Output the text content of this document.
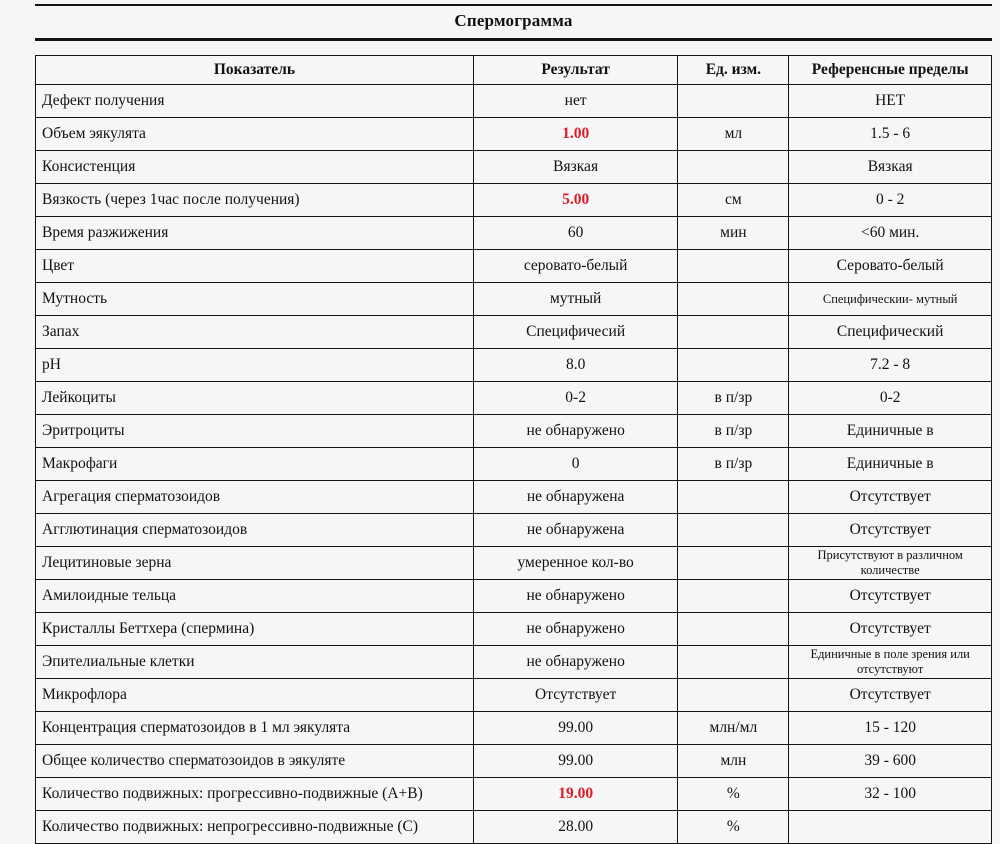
Спермограмма
Показатель	Результат	Ед. изм.	Референсные пределы
Дефект получения	нет		НЕТ
Объем эякулята	1.00	мл	1.5 - 6
Консистенция	Вязкая		Вязкая
Вязкость (через 1час после получения)	5.00	см	0 - 2
Время разжижения	60	мин	<60 мин.
Цвет	серовато-белый		Серовато-белый
Мутность	мутный		Специфическии- мутный
Запах	Специфичесий		Специфический
pH	8.0		7.2 - 8
Лейкоциты	0-2	в п/зр	0-2
Эритроциты	не обнаружено	в п/зр	Единичные в
Макрофаги	0	в п/зр	Единичные в
Агрегация сперматозоидов	не обнаружена		Отсутствует
Агглютинация сперматозоидов	не обнаружена		Отсутствует
Лецитиновые зерна	умеренное кол-во		Присутствуют в различном количестве
Амилоидные тельца	не обнаружено		Отсутствует
Кристаллы Беттхера (спермина)	не обнаружено		Отсутствует
Эпителиальные клетки	не обнаружено		Единичные в поле зрения или отсутствуют
Микрофлора	Отсутствует		Отсутствует
Концентрация сперматозоидов в 1 мл эякулята	99.00	млн/мл	15 - 120
Общее количество сперматозоидов в эякуляте	99.00	млн	39 - 600
Количество подвижных: прогрессивно-подвижные (A+B)	19.00	%	32 - 100
Количество подвижных: непрогрессивно-подвижные (C)	28.00	%	
